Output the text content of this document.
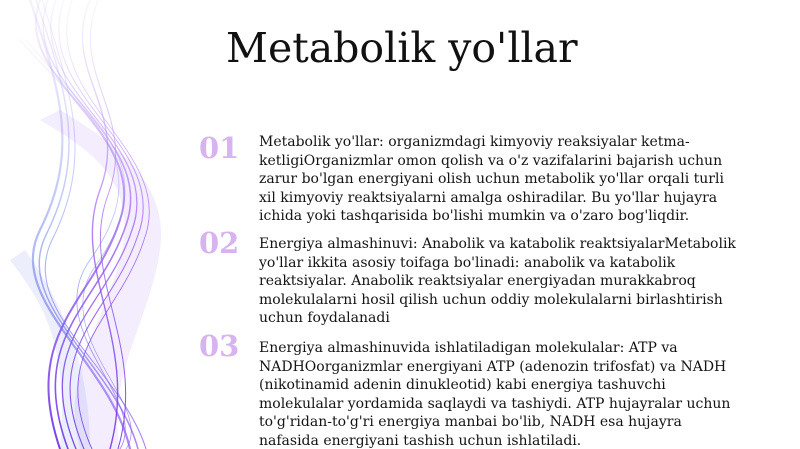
Metabolik yo'llar
01	Metabolik yo'llar: organizmdagi kimyoviy reaksiyalar ketma-ketligiOrganizmlar omon qolish va o'z vazifalarini bajarish uchun zarur bo'lgan energiyani olish uchun metabolik yo'llar orqali turli xil kimyoviy reaktsiyalarni amalga oshiradilar. Bu yo'llar hujayra ichida yoki tashqarisida bo'lishi mumkin va o'zaro bog'liqdir.

02	Energiya almashinuvi: Anabolik va katabolik reaktsiyalarMetabolik yo'llar ikkita asosiy toifaga bo'linadi: anabolik va katabolik reaktsiyalar. Anabolik reaktsiyalar energiyadan murakkabroq molekulalarni hosil qilish uchun oddiy molekulalarni birlashtirish uchun foydalanadi

03	Energiya almashinuvida ishlatiladigan molekulalar: ATP va NADHOorganizmlar energiyani ATP (adenozin trifosfat) va NADH (nikotinamid adenin dinukleotid) kabi energiya tashuvchi molekulalar yordamida saqlaydi va tashiydi. ATP hujayralar uchun to'g'ridan-to'g'ri energiya manbai bo'lib, NADH esa hujayra nafasida energiyani tashish uchun ishlatiladi.
